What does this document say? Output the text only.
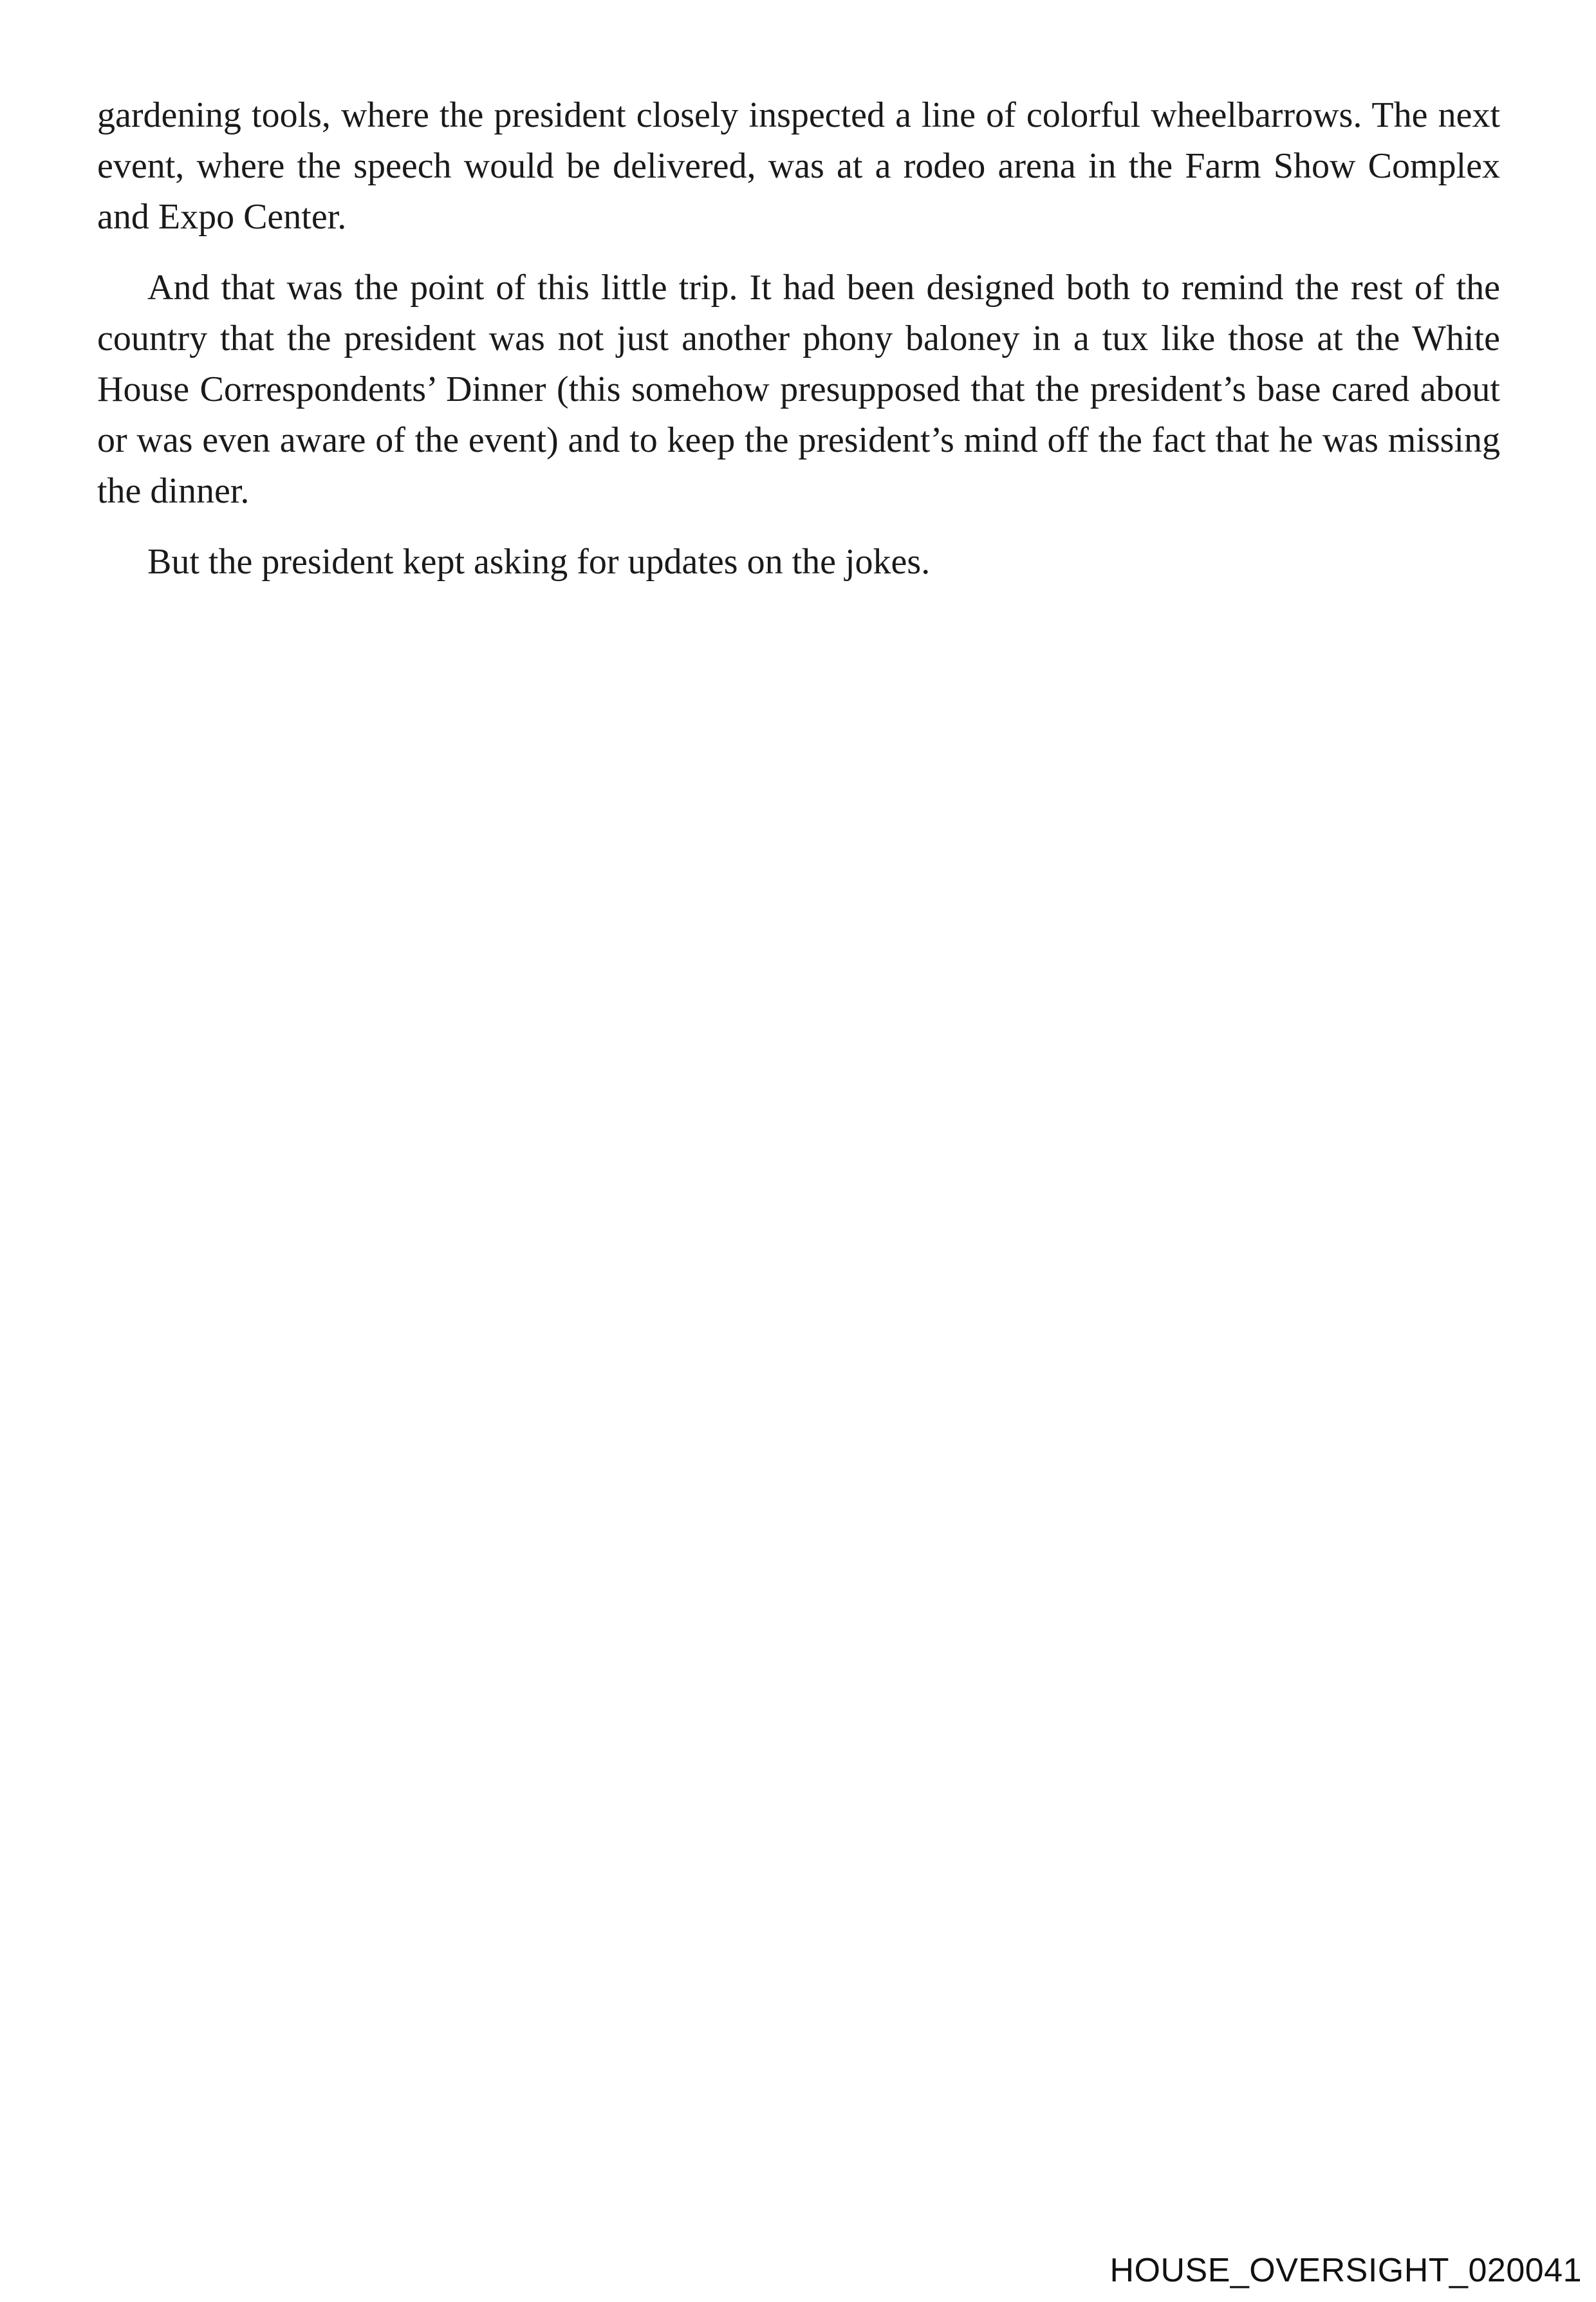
gardening tools, where the president closely inspected a line of colorful wheelbarrows. The next event, where the speech would be delivered, was at a rodeo arena in the Farm Show Complex and Expo Center.

And that was the point of this little trip. It had been designed both to remind the rest of the country that the president was not just another phony baloney in a tux like those at the White House Correspondents’ Dinner (this somehow presupposed that the president’s base cared about or was even aware of the event) and to keep the president’s mind off the fact that he was missing the dinner.

But the president kept asking for updates on the jokes.

HOUSE_OVERSIGHT_020041
